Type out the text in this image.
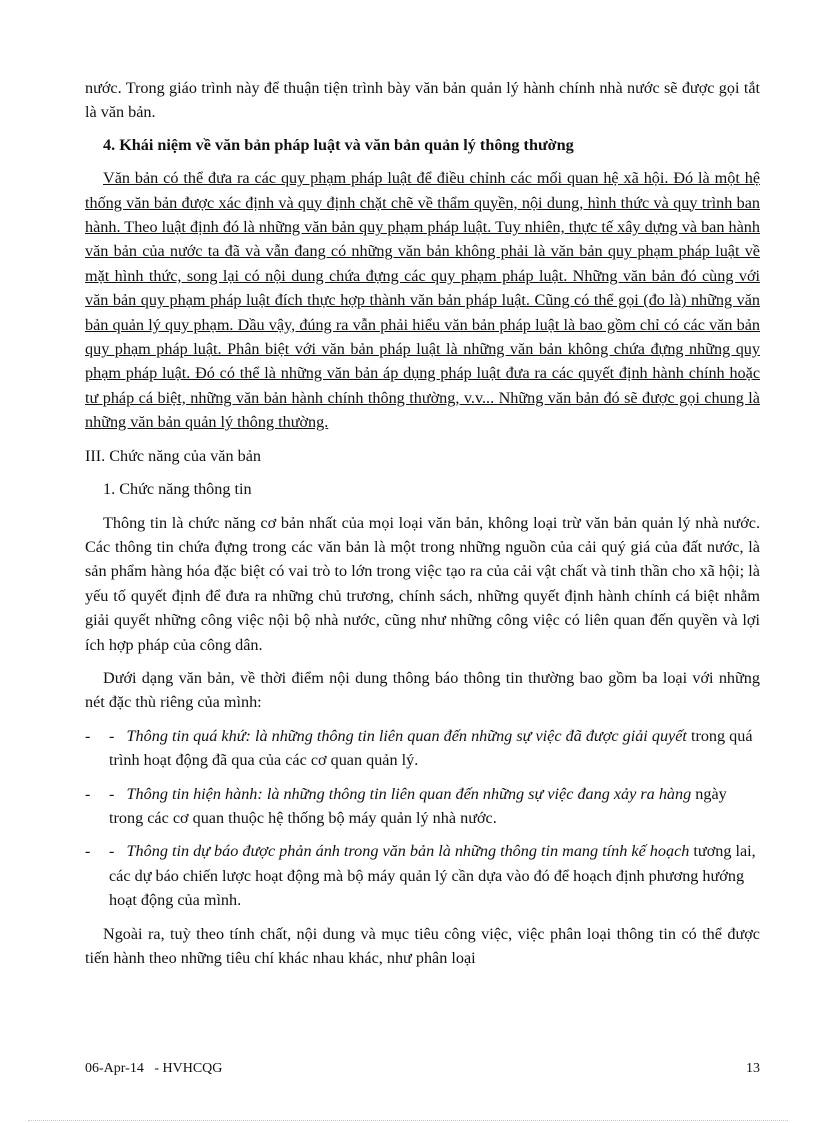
nước. Trong giáo trình này để thuận tiện trình bày văn bản quản lý hành chính nhà nước sẽ được gọi tắt là văn bản.

4. Khái niệm về văn bản pháp luật và văn bản quản lý thông thường

Văn bản có thể đưa ra các quy phạm pháp luật để điều chỉnh các mối quan hệ xã hội. Đó là một hệ thống văn bản được xác định và quy định chặt chẽ về thẩm quyền, nội dung, hình thức và quy trình ban hành. Theo luật định đó là những văn bản quy phạm pháp luật. Tuy nhiên, thực tế xây dựng và ban hành văn bản của nước ta đã và vẫn đang có những văn bản không phải là văn bản quy phạm pháp luật về mặt hình thức, song lại có nội dung chứa đựng các quy phạm pháp luật. Những văn bản đó cùng với văn bản quy phạm pháp luật đích thực hợp thành văn bản pháp luật. Cũng có thể gọi (đo là) những văn bản quản lý quy phạm. Dầu vậy, đúng ra vẫn phải hiểu văn bản pháp luật là bao gồm chỉ có các văn bản quy phạm pháp luật. Phân biệt với văn bản pháp luật là những văn bản không chứa đựng những quy phạm pháp luật. Đó có thể là những văn bản áp dụng pháp luật đưa ra các quyết định hành chính hoặc tư pháp cá biệt, những văn bản hành chính thông thường, v.v... Những văn bản đó sẽ được gọi chung là những văn bản quản lý thông thường.

III. Chức năng của văn bản

1. Chức năng thông tin

Thông tin là chức năng cơ bản nhất của mọi loại văn bản, không loại trừ văn bản quản lý nhà nước. Các thông tin chứa đựng trong các văn bản là một trong những nguồn của cải quý giá của đất nước, là sản phẩm hàng hóa đặc biệt có vai trò to lớn trong việc tạo ra của cải vật chất và tinh thần cho xã hội; là yếu tố quyết định để đưa ra những chủ trương, chính sách, những quyết định hành chính cá biệt nhằm giải quyết những công việc nội bộ nhà nước, cũng như những công việc có liên quan đến quyền và lợi ích hợp pháp của công dân.

Dưới dạng văn bản, về thời điểm nội dung thông báo thông tin thường bao gồm ba loại với những nét đặc thù riêng của mình:

- - Thông tin quá khứ: là những thông tin liên quan đến những sự việc đã được giải quyết trong quá trình hoạt động đã qua của các cơ quan quản lý.
- - Thông tin hiện hành: là những thông tin liên quan đến những sự việc đang xảy ra hàng ngày trong các cơ quan thuộc hệ thống bộ máy quản lý nhà nước.
- - Thông tin dự báo được phản ánh trong văn bản là những thông tin mang tính kế hoạch tương lai, các dự báo chiến lược hoạt động mà bộ máy quản lý cần dựa vào đó để hoạch định phương hướng hoạt động của mình.

Ngoài ra, tuỳ theo tính chất, nội dung và mục tiêu công việc, việc phân loại thông tin có thể được tiến hành theo những tiêu chí khác nhau khác, như phân loại

06-Apr-14 - HVHCQG	13
